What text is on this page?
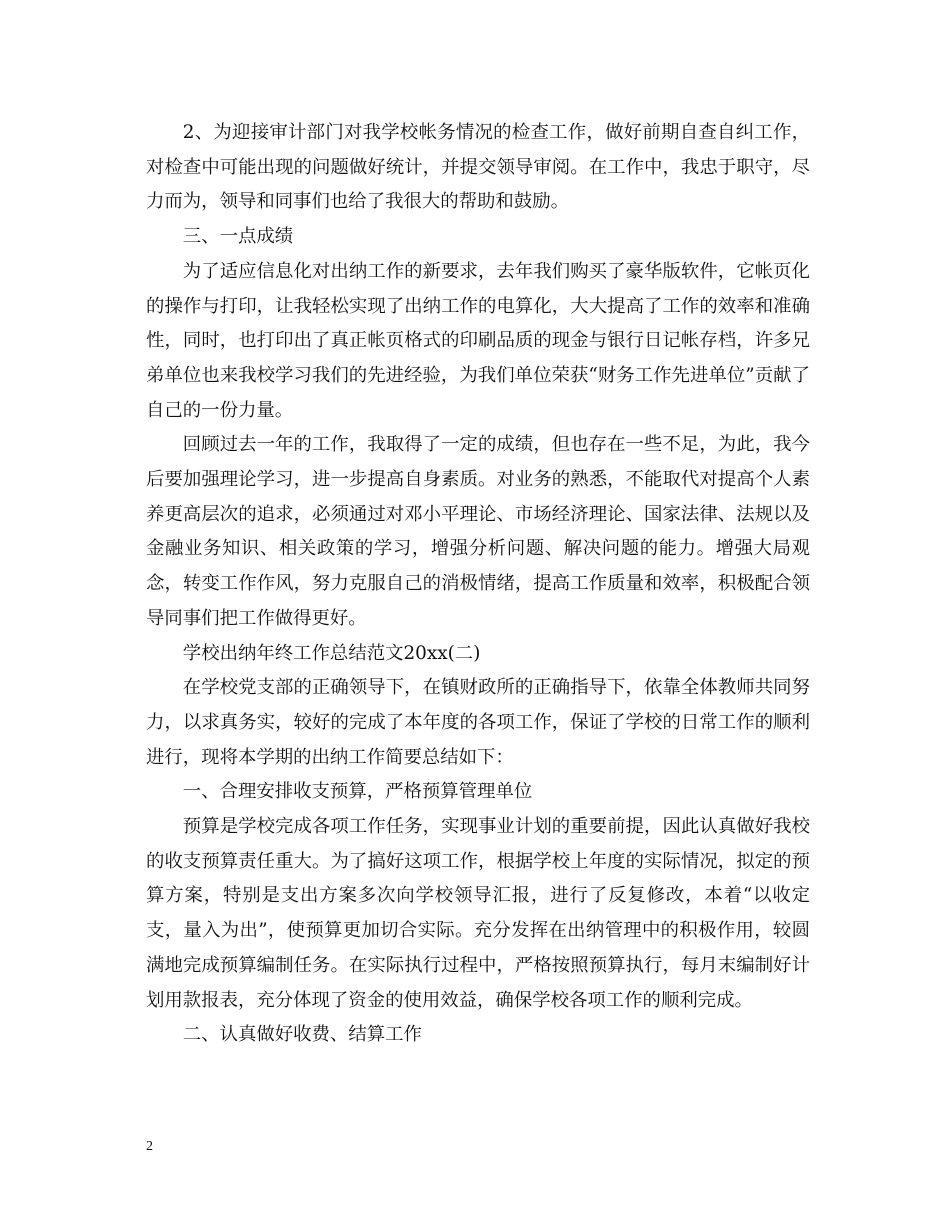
2、为迎接审计部门对我学校帐务情况的检查工作，做好前期自查自纠工作，对检查中可能出现的问题做好统计，并提交领导审阅。在工作中，我忠于职守，尽力而为，领导和同事们也给了我很大的帮助和鼓励。

三、一点成绩

为了适应信息化对出纳工作的新要求，去年我们购买了豪华版软件，它帐页化的操作与打印，让我轻松实现了出纳工作的电算化，大大提高了工作的效率和准确性，同时，也打印出了真正帐页格式的印刷品质的现金与银行日记帐存档，许多兄弟单位也来我校学习我们的先进经验，为我们单位荣获“财务工作先进单位”贡献了自己的一份力量。

回顾过去一年的工作，我取得了一定的成绩，但也存在一些不足，为此，我今后要加强理论学习，进一步提高自身素质。对业务的熟悉，不能取代对提高个人素养更高层次的追求，必须通过对邓小平理论、市场经济理论、国家法律、法规以及金融业务知识、相关政策的学习，增强分析问题、解决问题的能力。增强大局观念，转变工作作风，努力克服自己的消极情绪，提高工作质量和效率，积极配合领导同事们把工作做得更好。

学校出纳年终工作总结范文20xx(二)

在学校党支部的正确领导下，在镇财政所的正确指导下，依靠全体教师共同努力，以求真务实，较好的完成了本年度的各项工作，保证了学校的日常工作的顺利进行，现将本学期的出纳工作简要总结如下：

一、合理安排收支预算，严格预算管理单位

预算是学校完成各项工作任务，实现事业计划的重要前提，因此认真做好我校的收支预算责任重大。为了搞好这项工作，根据学校上年度的实际情况，拟定的预算方案，特别是支出方案多次向学校领导汇报，进行了反复修改，本着“以收定支，量入为出”，使预算更加切合实际。充分发挥在出纳管理中的积极作用，较圆满地完成预算编制任务。在实际执行过程中，严格按照预算执行，每月末编制好计划用款报表，充分体现了资金的使用效益，确保学校各项工作的顺利完成。

二、认真做好收费、结算工作

2
